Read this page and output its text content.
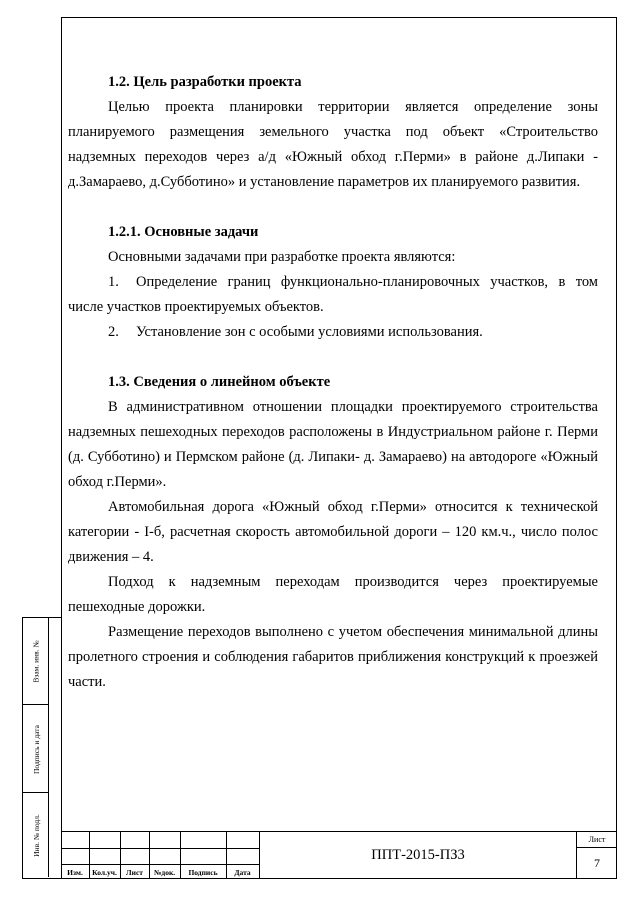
1.2. Цель разработки проекта

Целью проекта планировки территории является определение зоны планируемого размещения земельного участка под объект «Строительство надземных переходов через а/д «Южный обход г.Перми» в районе д.Липаки - д.Замараево, д.Субботино» и установление параметров их планируемого развития.

1.2.1. Основные задачи

Основными задачами при разработке проекта являются:

1. Определение границ функционально-планировочных участков, в том числе участков проектируемых объектов.

2. Установление зон с особыми условиями использования.

1.3. Сведения о линейном объекте

В административном отношении площадки проектируемого строительства надземных пешеходных переходов расположены в Индустриальном районе г. Перми (д. Субботино) и Пермском районе (д. Липаки- д. Замараево) на автодороге «Южный обход г.Перми».

Автомобильная дорога «Южный обход г.Перми» относится к технической категории - I-б, расчетная скорость автомобильной дороги – 120 км.ч., число полос движения – 4.

Подход к надземным переходам производится через проектируемые пешеходные дорожки.

Размещение переходов выполнено с учетом обеспечения минимальной длины пролетного строения и соблюдения габаритов приближения конструкций к проезжей части.

Взам. инв. №
Подпись и дата
Инв. № подл.
Изм.	Кол.уч.	Лист	№док.	Подпись	Дата
ППТ-2015-ПЗ3
Лист
7
